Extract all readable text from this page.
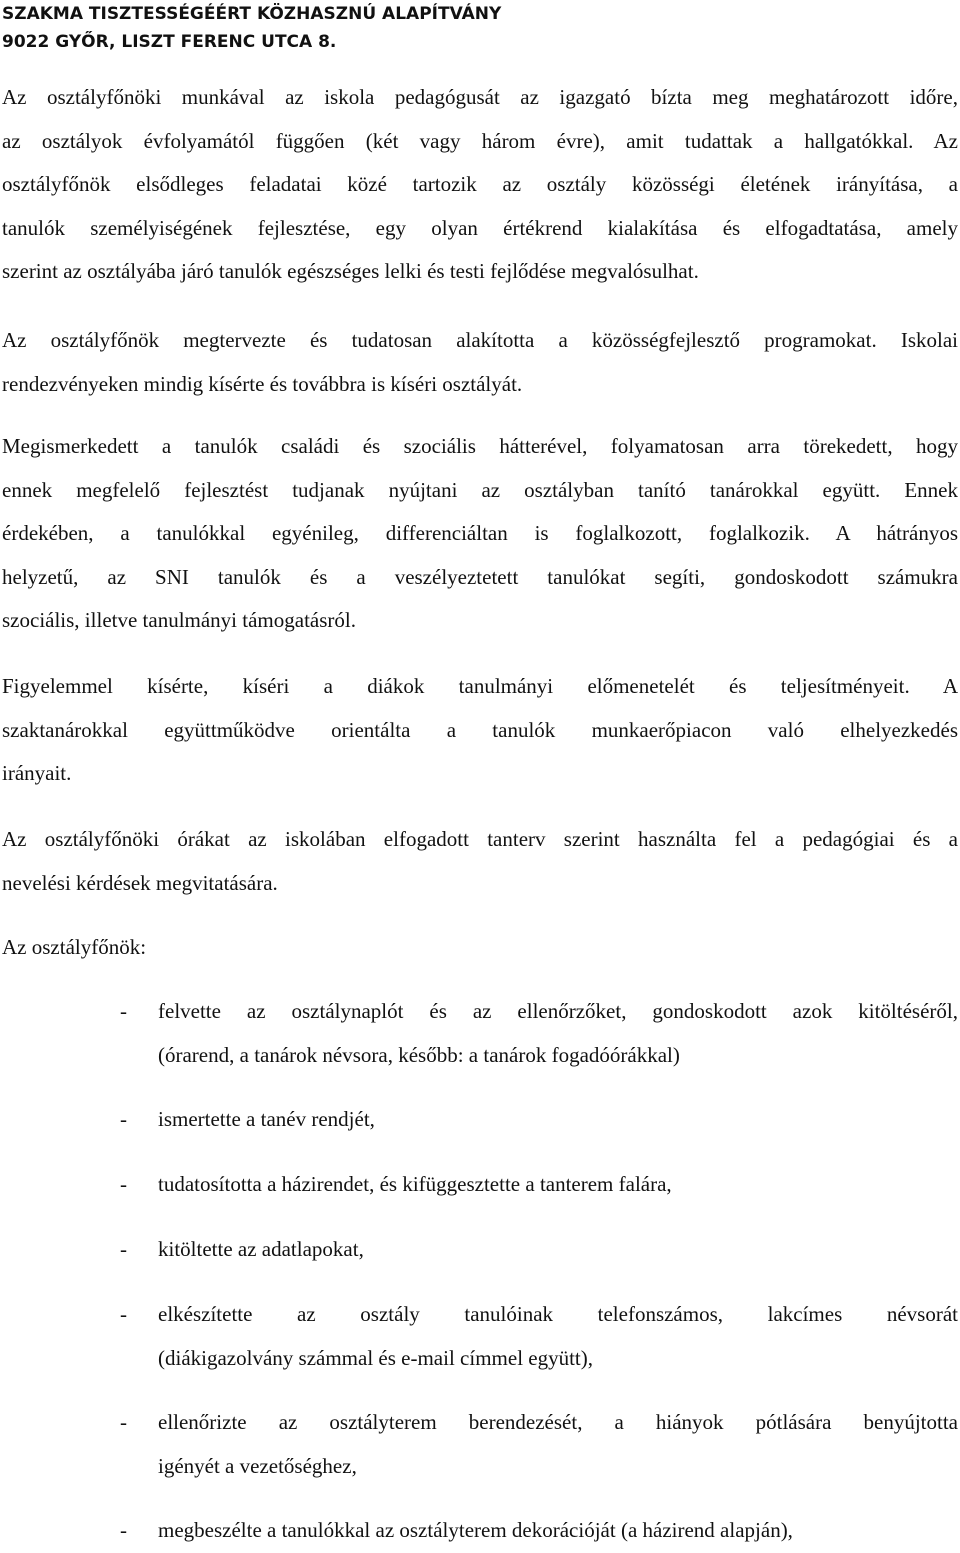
SZAKMA TISZTESSÉGÉÉRT KÖZHASZNÚ ALAPÍTVÁNY
9022 GYŐR, LISZT FERENC UTCA 8.
Az osztályfőnöki munkával az iskola pedagógusát az igazgató bízta meg meghatározott időre,
az osztályok évfolyamától függően (két vagy három évre), amit tudattak a hallgatókkal. Az
osztályfőnök elsődleges feladatai közé tartozik az osztály közösségi életének irányítása, a
tanulók személyiségének fejlesztése, egy olyan értékrend kialakítása és elfogadtatása, amely
szerint az osztályába járó tanulók egészséges lelki és testi fejlődése megvalósulhat.
Az osztályfőnök megtervezte és tudatosan alakította a közösségfejlesztő programokat. Iskolai
rendezvényeken mindig kísérte és továbbra is kíséri osztályát.
Megismerkedett a tanulók családi és szociális hátterével, folyamatosan arra törekedett, hogy
ennek megfelelő fejlesztést tudjanak nyújtani az osztályban tanító tanárokkal együtt. Ennek
érdekében, a tanulókkal egyénileg, differenciáltan is foglalkozott, foglalkozik. A hátrányos
helyzetű, az SNI tanulók és a veszélyeztetett tanulókat segíti, gondoskodott számukra
szociális, illetve tanulmányi támogatásról.
Figyelemmel kísérte, kíséri a diákok tanulmányi előmenetelét és teljesítményeit. A
szaktanárokkal együttműködve orientálta a tanulók munkaerőpiacon való elhelyezkedés
irányait.
Az osztályfőnöki órákat az iskolában elfogadott tanterv szerint használta fel a pedagógiai és a
nevelési kérdések megvitatására.
Az osztályfőnök:
- felvette az osztálynaplót és az ellenőrzőket, gondoskodott azok kitöltéséről,
(órarend, a tanárok névsora, később: a tanárok fogadóórákkal)
- ismertette a tanév rendjét,
- tudatosította a házirendet, és kifüggesztette a tanterem falára,
- kitöltette az adatlapokat,
- elkészítette az osztály tanulóinak telefonszámos, lakcímes névsorát
(diákigazolvány számmal és e-mail címmel együtt),
- ellenőrizte az osztályterem berendezését, a hiányok pótlására benyújtotta
igényét a vezetőséghez,
- megbeszélte a tanulókkal az osztályterem dekorációját (a házirend alapján),
